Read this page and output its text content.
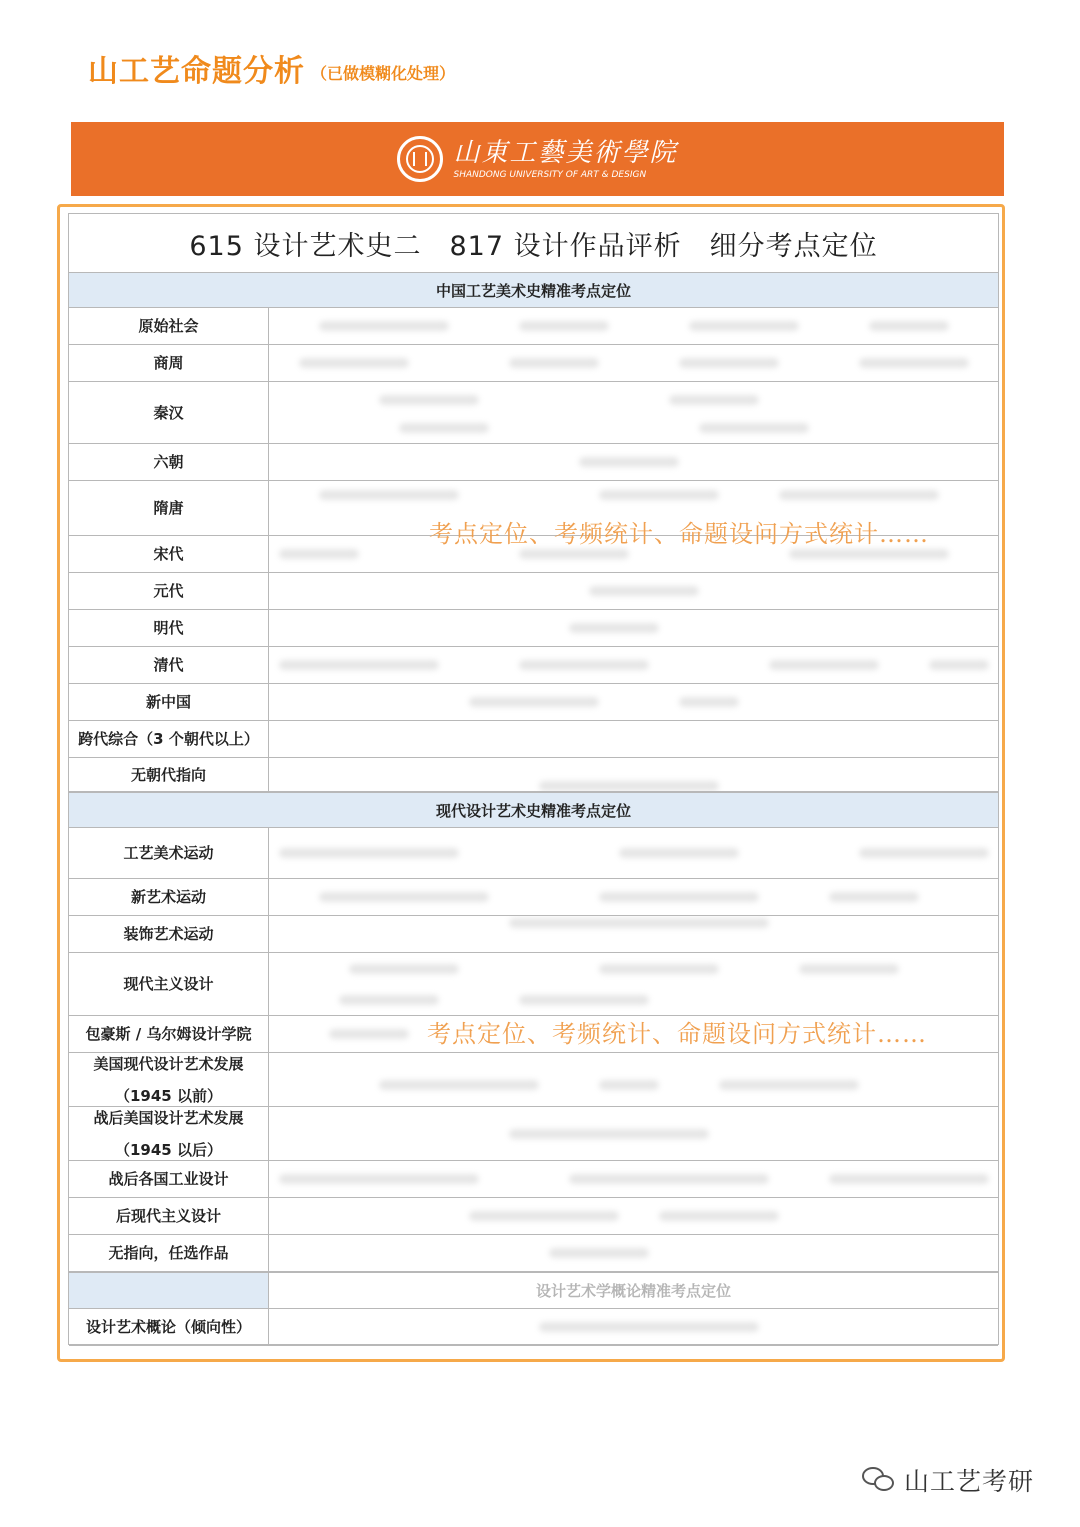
山工艺命题分析 （已做模糊化处理）
山東工藝美術學院
SHANDONG UNIVERSITY OF ART & DESIGN
615 设计艺术史二　817 设计作品评析　细分考点定位
中国工艺美术史精准考点定位
原始社会
商周
秦汉
六朝
隋唐
宋代
元代
明代
清代
新中国
跨代综合（3 个朝代以上）
无朝代指向
考点定位、考频统计、命题设问方式统计……
现代设计艺术史精准考点定位
工艺美术运动
新艺术运动
装饰艺术运动
现代主义设计
包豪斯 / 乌尔姆设计学院
美国现代设计艺术发展
（1945 以前）
战后美国设计艺术发展
（1945 以后）
战后各国工业设计
后现代主义设计
无指向，任选作品
考点定位、考频统计、命题设问方式统计……
设计艺术学概论精准考点定位
设计艺术概论（倾向性）
山工艺考研
